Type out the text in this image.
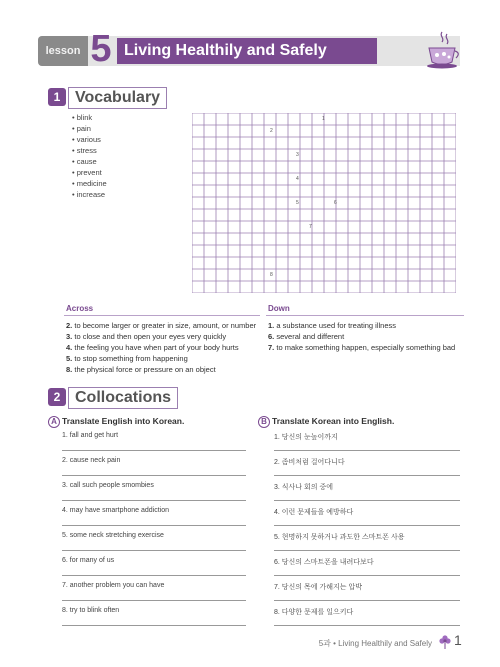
lesson 5 Living Healthily and Safely
1 Vocabulary
• blink
• pain
• various
• stress
• cause
• prevent
• medicine
• increase
1
2
3
4
5	6
7
8
Across	Down
2. to become larger or greater in size, amount, or number
3. to close and then open your eyes very quickly
4. the feeling you have when part of your body hurts
5. to stop something from happening
8. the physical force or pressure on an object
1. a substance used for treating illness
6. several and different
7. to make something happen, especially something bad
2 Collocations
A Translate English into Korean.	B Translate Korean into English.
1. fall and get hurt
2. cause neck pain
3. call such people smombies
4. may have smartphone addiction
5. some neck stretching exercise
6. for many of us
7. another problem you can have
8. try to blink often
1. 당신의 눈높이까지
2. 좀비처럼 걸어다니다
3. 식사나 회의 중에
4. 이런 문제들을 예방하다
5. 현명하지 못하거나 과도한 스마트폰 사용
6. 당신의 스마트폰을 내려다보다
7. 당신의 목에 가해지는 압박
8. 다양한 문제를 일으키다
5과 • Living Healthily and Safely 1
